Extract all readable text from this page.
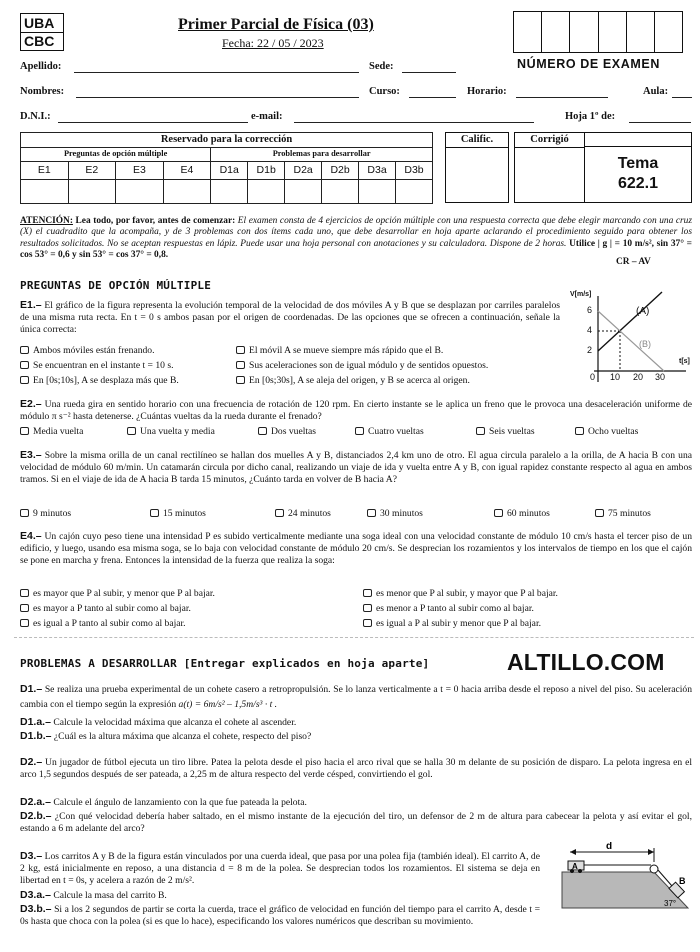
UBA
CBC
Primer Parcial de Física (03)
Fecha: 22 / 05 / 2023
NÚMERO DE EXAMEN
Apellido:	Sede:
Nombres:	Curso:	Horario:	Aula:
D.N.I.:	e-mail:	Hoja 1º de:
Reservado para la corrección									
Preguntas de opción múltiple				Problemas para desarrollar					
E1	E2	E3	E4	D1a	D1b	D2a	D2b	D3a	D3b

Calific.	Corrigió
Tema
622.1
ATENCIÓN: Lea todo, por favor, antes de comenzar: El examen consta de 4 ejercicios de opción múltiple con una respuesta correcta que debe elegir marcando con una cruz (X) el cuadradito que la acompaña, y de 3 problemas con dos ítems cada uno, que debe desarrollar en hoja aparte aclarando el procedimiento seguido para obtener los resultados solicitados. No se aceptan respuestas en lápiz. Puede usar una hoja personal con anotaciones y su calculadora. Dispone de 2 horas. Utilice | g | = 10 m/s², sin 37° = cos 53° = 0,6 y sin 53° = cos 37° = 0,8.
CR – AV
PREGUNTAS DE OPCIÓN MÚLTIPLE
E1.– El gráfico de la figura representa la evolución temporal de la velocidad de dos móviles A y B que se desplazan por carriles paralelos de una misma ruta recta. En t = 0 s ambos pasan por el origen de coordenadas. De las opciones que se ofrecen a continuación, señale la única correcta:
Ambos móviles están frenando.	El móvil A se mueve siempre más rápido que el B.
Se encuentran en el instante t = 10 s.	Sus aceleraciones son de igual módulo y de sentidos opuestos.
En [0s;10s], A se desplaza más que B.	En [0s;30s], A se aleja del origen, y B se acerca al origen.
V[m/s]
t[s]
6
4
2
0 10 20 30
(A)
(B)
E2.– Una rueda gira en sentido horario con una frecuencia de rotación de 120 rpm. En cierto instante se le aplica un freno que le provoca una desaceleración uniforme de módulo π s⁻² hasta detenerse. ¿Cuántas vueltas da la rueda durante el frenado?
Media vuelta	Una vuelta y media	Dos vueltas	Cuatro vueltas	Seis vueltas	Ocho vueltas
E3.– Sobre la misma orilla de un canal rectilíneo se hallan dos muelles A y B, distanciados 2,4 km uno de otro. El agua circula paralelo a la orilla, de A hacia B con una velocidad de módulo 60 m/min. Un catamarán circula por dicho canal, realizando un viaje de ida y vuelta entre A y B, con igual rapidez constante respecto al agua en ambos tramos. Si en el viaje de ida de A hacia B tarda 15 minutos, ¿Cuánto tarda en volver de B hacia A?
9 minutos	15 minutos	24 minutos	30 minutos	60 minutos	75 minutos
E4.– Un cajón cuyo peso tiene una intensidad P es subido verticalmente mediante una soga ideal con una velocidad constante de módulo 10 cm/s hasta el tercer piso de un edificio, y luego, usando esa misma soga, se lo baja con velocidad constante de módulo 20 cm/s. Se desprecian los rozamientos y los intervalos de tiempo en los que el cajón se pone en marcha y frena. Entonces la intensidad de la fuerza que realiza la soga:
es mayor que P al subir, y menor que P al bajar.	es menor que P al subir, y mayor que P al bajar.
es mayor a P tanto al subir como al bajar.	es menor a P tanto al subir como al bajar.
es igual a P tanto al subir como al bajar.	es igual a P al subir y menor que P al bajar.
PROBLEMAS A DESARROLLAR [Entregar explicados en hoja aparte]	ALTILLO.COM
D1.– Se realiza una prueba experimental de un cohete casero a retropropulsión. Se lo lanza verticalmente a t = 0 hacia arriba desde el reposo a nivel del piso. Su aceleración cambia con el tiempo según la expresión a(t) = 6m/s² – 1,5m/s³ · t .
D1.a.– Calcule la velocidad máxima que alcanza el cohete al ascender.
D1.b.– ¿Cuál es la altura máxima que alcanza el cohete, respecto del piso?
D2.– Un jugador de fútbol ejecuta un tiro libre. Patea la pelota desde el piso hacia el arco rival que se halla 30 m delante de su posición de disparo. La pelota ingresa en el arco 1,5 segundos después de ser pateada, a 2,25 m de altura respecto del verde césped, convirtiendo el gol.
D2.a.– Calcule el ángulo de lanzamiento con la que fue pateada la pelota.
D2.b.– ¿Con qué velocidad debería haber saltado, en el mismo instante de la ejecución del tiro, un defensor de 2 m de altura para cabecear la pelota y así evitar el gol, estando a 6 m adelante del arco?
D3.– Los carritos A y B de la figura están vinculados por una cuerda ideal, que pasa por una polea fija (también ideal). El carrito A, de 2 kg, está inicialmente en reposo, a una distancia d = 8 m de la polea. Se desprecian todos los rozamientos. El sistema se deja en libertad en t = 0s, y acelera a razón de 2 m/s².
D3.a.– Calcule la masa del carrito B.
D3.b.– Si a los 2 segundos de partir se corta la cuerda, trace el gráfico de velocidad en función del tiempo para el carrito A, desde t = 0s hasta que choca con la polea (si es que lo hace), especificando los valores numéricos que describan su movimiento.
d
A
B
37°
